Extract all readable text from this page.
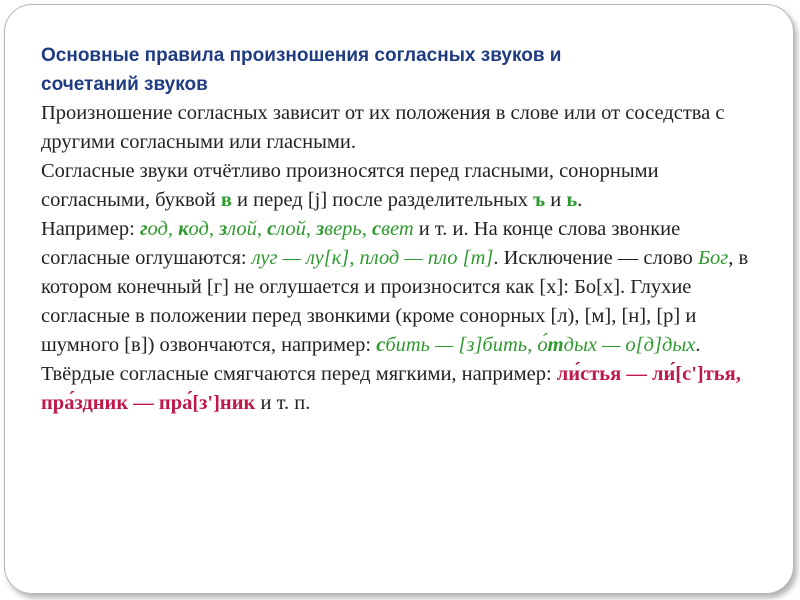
Основные правила произношения согласных звуков и
сочетаний звуков
Произношение согласных зависит от их положения в слове или от соседства с другими согласными или гласными.
Согласные звуки отчётливо произносятся перед гласными, сонорными согласными, буквой в и перед [j] после разделительных ъ и ь.
Например: год, код, злой, слой, зверь, свет и т. и. На конце слова звонкие согласные оглушаются: луг — лу[к], плод — пло [т]. Исключение — слово Бог, в котором конечный [г] не оглушается и произносится как [х]: Бо[х]. Глухие согласные в положении перед звонкими (кроме сонорных [л), [м], [н], [р] и шумного [в]) озвончаются, например: сбить — [з]бить, о́тдых — о[д]дых. Твёрдые согласные смягчаются перед мягкими, например: ли́стья — ли́[с']тья, пра́здник — пра́[з']ник и т. п.
